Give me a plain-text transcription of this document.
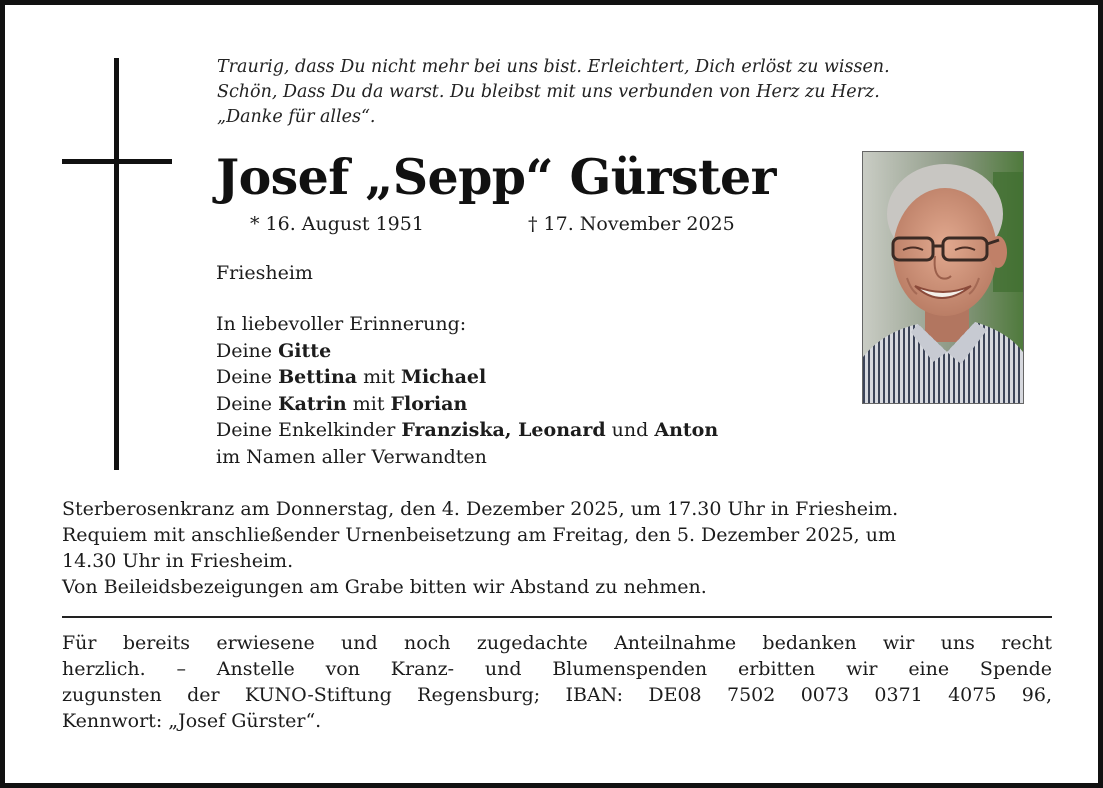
Traurig, dass Du nicht mehr bei uns bist. Erleichtert, Dich erlöst zu wissen.
Schön, Dass Du da warst. Du bleibst mit uns verbunden von Herz zu Herz.
„Danke für alles“.
Josef „Sepp“ Gürster
* 16. August 1951	† 17. November 2025
Friesheim
In liebevoller Erinnerung:
Deine Gitte
Deine Bettina mit Michael
Deine Katrin mit Florian
Deine Enkelkinder Franziska, Leonard und Anton
im Namen aller Verwandten
Sterberosenkranz am Donnerstag, den 4. Dezember 2025, um 17.30 Uhr in Friesheim.
Requiem mit anschließender Urnenbeisetzung am Freitag, den 5. Dezember 2025, um
14.30 Uhr in Friesheim.
Von Beileidsbezeigungen am Grabe bitten wir Abstand zu nehmen.
Für bereits erwiesene und noch zugedachte Anteilnahme bedanken wir uns recht
herzlich. – Anstelle von Kranz- und Blumenspenden erbitten wir eine Spende
zugunsten der KUNO-Stiftung Regensburg; IBAN: DE08 7502 0073 0371 4075 96,
Kennwort: „Josef Gürster“.
